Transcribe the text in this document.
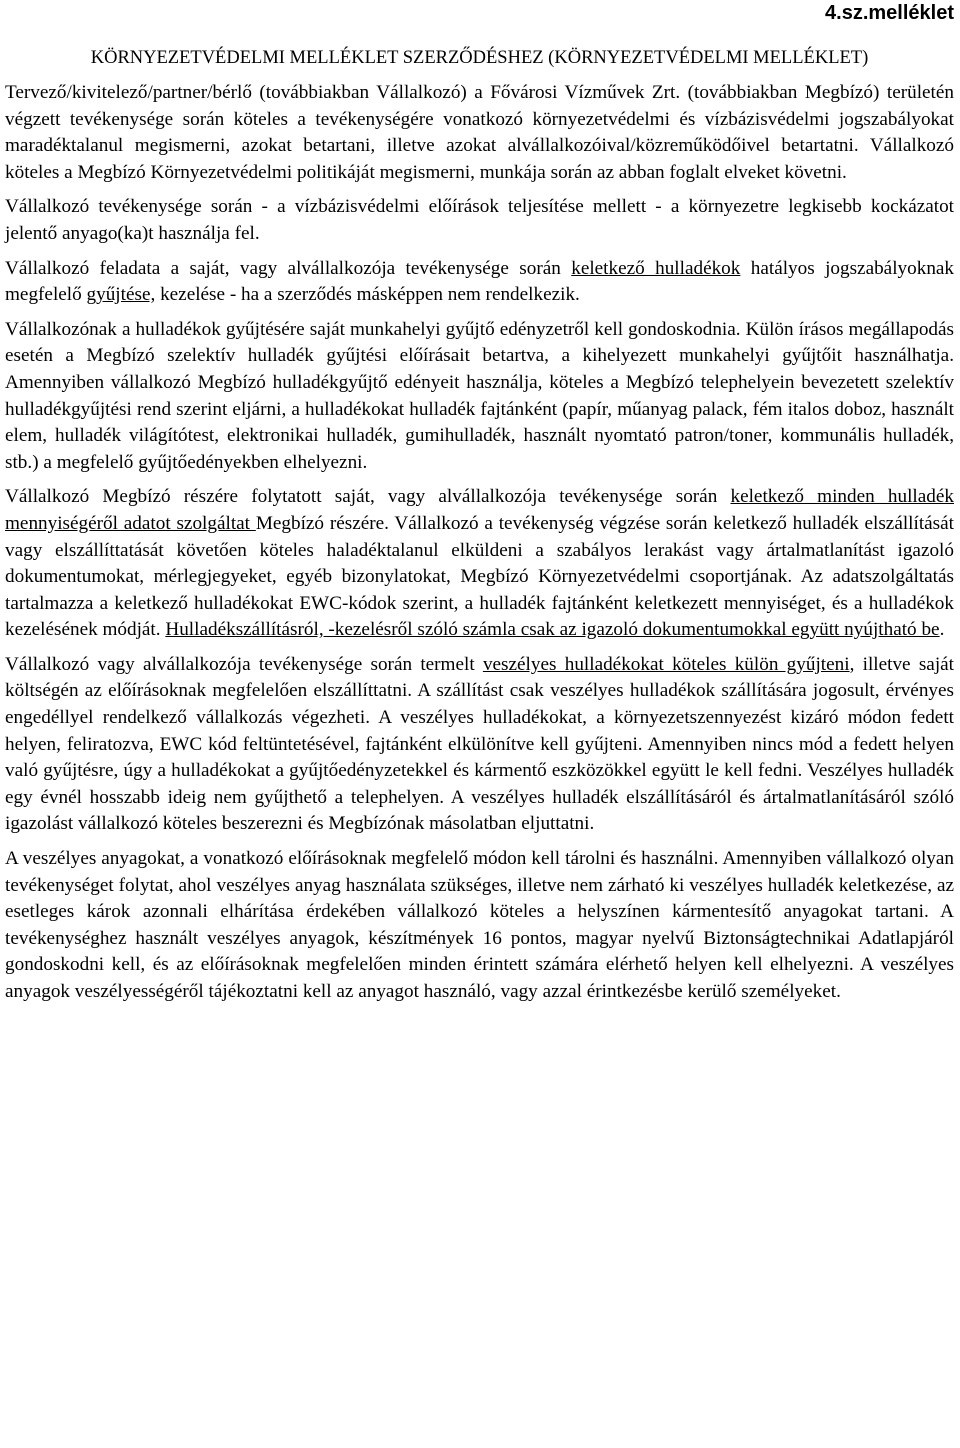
4.sz.melléklet
KÖRNYEZETVÉDELMI MELLÉKLET SZERZŐDÉSHEZ (KÖRNYEZETVÉDELMI MELLÉKLET)

Tervező/kivitelező/partner/bérlő (továbbiakban Vállalkozó) a Fővárosi Vízművek Zrt. (továbbiakban Megbízó) területén végzett tevékenysége során köteles a tevékenységére vonatkozó környezetvédelmi és vízbázisvédelmi jogszabályokat maradéktalanul megismerni, azokat betartani, illetve azokat alvállalkozóival/közreműködőivel betartatni. Vállalkozó köteles a Megbízó Környezetvédelmi politikáját megismerni, munkája során az abban foglalt elveket követni.

Vállalkozó tevékenysége során - a vízbázisvédelmi előírások teljesítése mellett - a környezetre legkisebb kockázatot jelentő anyago(ka)t használja fel.

Vállalkozó feladata a saját, vagy alvállalkozója tevékenysége során keletkező hulladékok hatályos jogszabályoknak megfelelő gyűjtése, kezelése - ha a szerződés másképpen nem rendelkezik.

Vállalkozónak a hulladékok gyűjtésére saját munkahelyi gyűjtő edényzetről kell gondoskodnia. Külön írásos megállapodás esetén a Megbízó szelektív hulladék gyűjtési előírásait betartva, a kihelyezett munkahelyi gyűjtőit használhatja. Amennyiben vállalkozó Megbízó hulladékgyűjtő edényeit használja, köteles a Megbízó telephelyein bevezetett szelektív hulladékgyűjtési rend szerint eljárni, a hulladékokat hulladék fajtánként (papír, műanyag palack, fém italos doboz, használt elem, hulladék világítótest, elektronikai hulladék, gumihulladék, használt nyomtató patron/toner, kommunális hulladék, stb.) a megfelelő gyűjtőedényekben elhelyezni.

Vállalkozó Megbízó részére folytatott saját, vagy alvállalkozója tevékenysége során keletkező minden hulladék mennyiségéről adatot szolgáltat Megbízó részére. Vállalkozó a tevékenység végzése során keletkező hulladék elszállítását vagy elszállíttatását követően köteles haladéktalanul elküldeni a szabályos lerakást vagy ártalmatlanítást igazoló dokumentumokat, mérlegjegyeket, egyéb bizonylatokat, Megbízó Környezetvédelmi csoportjának. Az adatszolgáltatás tartalmazza a keletkező hulladékokat EWC-kódok szerint, a hulladék fajtánként keletkezett mennyiséget, és a hulladékok kezelésének módját. Hulladékszállításról, -kezelésről szóló számla csak az igazoló dokumentumokkal együtt nyújtható be.

Vállalkozó vagy alvállalkozója tevékenysége során termelt veszélyes hulladékokat köteles külön gyűjteni, illetve saját költségén az előírásoknak megfelelően elszállíttatni. A szállítást csak veszélyes hulladékok szállítására jogosult, érvényes engedéllyel rendelkező vállalkozás végezheti. A veszélyes hulladékokat, a környezetszennyezést kizáró módon fedett helyen, feliratozva, EWC kód feltüntetésével, fajtánként elkülönítve kell gyűjteni. Amennyiben nincs mód a fedett helyen való gyűjtésre, úgy a hulladékokat a gyűjtőedényzetekkel és kármentő eszközökkel együtt le kell fedni. Veszélyes hulladék egy évnél hosszabb ideig nem gyűjthető a telephelyen. A veszélyes hulladék elszállításáról és ártalmatlanításáról szóló igazolást vállalkozó köteles beszerezni és Megbízónak másolatban eljuttatni.

A veszélyes anyagokat, a vonatkozó előírásoknak megfelelő módon kell tárolni és használni. Amennyiben vállalkozó olyan tevékenységet folytat, ahol veszélyes anyag használata szükséges, illetve nem zárható ki veszélyes hulladék keletkezése, az esetleges károk azonnali elhárítása érdekében vállalkozó köteles a helyszínen kármentesítő anyagokat tartani. A tevékenységhez használt veszélyes anyagok, készítmények 16 pontos, magyar nyelvű Biztonságtechnikai Adatlapjáról gondoskodni kell, és az előírásoknak megfelelően minden érintett számára elérhető helyen kell elhelyezni. A veszélyes anyagok veszélyességéről tájékoztatni kell az anyagot használó, vagy azzal érintkezésbe kerülő személyeket.
